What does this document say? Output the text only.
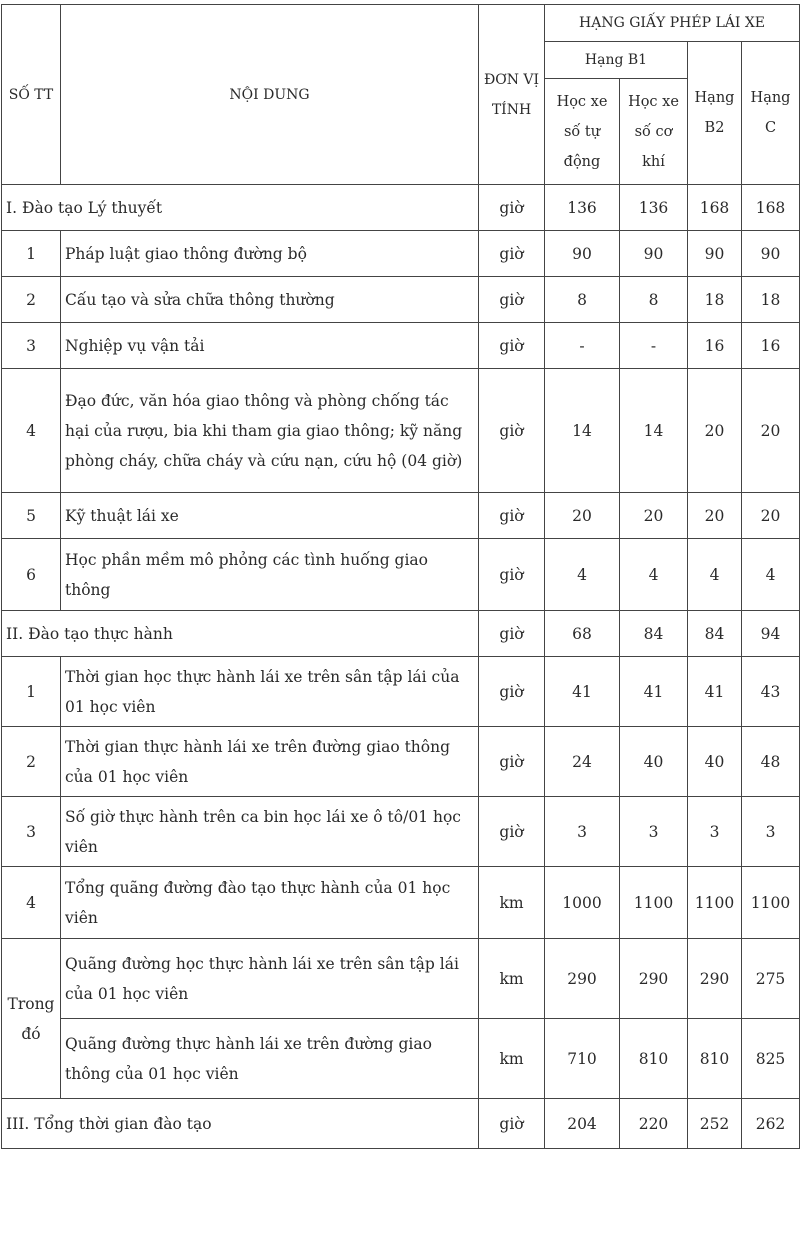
SỐ TT	NỘI DUNG	ĐƠN VỊ TÍNH	HẠNG GIẤY PHÉP LÁI XE			
			Hạng B1		Hạng B2	Hạng C
			Học xe số tự động	Học xe số cơ khí		
I. Đào tạo Lý thuyết		giờ	136	136	168	168
1	Pháp luật giao thông đường bộ	giờ	90	90	90	90
2	Cấu tạo và sửa chữa thông thường	giờ	8	8	18	18
3	Nghiệp vụ vận tải	giờ	-	-	16	16
4	Đạo đức, văn hóa giao thông và phòng chống tác hại của rượu, bia khi tham gia giao thông; kỹ năng phòng cháy, chữa cháy và cứu nạn, cứu hộ (04 giờ)	giờ	14	14	20	20
5	Kỹ thuật lái xe	giờ	20	20	20	20
6	Học phần mềm mô phỏng các tình huống giao thông	giờ	4	4	4	4
II. Đào tạo thực hành		giờ	68	84	84	94
1	Thời gian học thực hành lái xe trên sân tập lái của 01 học viên	giờ	41	41	41	43
2	Thời gian thực hành lái xe trên đường giao thông của 01 học viên	giờ	24	40	40	48
3	Số giờ thực hành trên ca bin học lái xe ô tô/01 học viên	giờ	3	3	3	3
4	Tổng quãng đường đào tạo thực hành của 01 học viên	km	1000	1100	1100	1100
Trong đó	Quãng đường học thực hành lái xe trên sân tập lái của 01 học viên	km	290	290	290	275
	Quãng đường thực hành lái xe trên đường giao thông của 01 học viên	km	710	810	810	825
III. Tổng thời gian đào tạo		giờ	204	220	252	262
